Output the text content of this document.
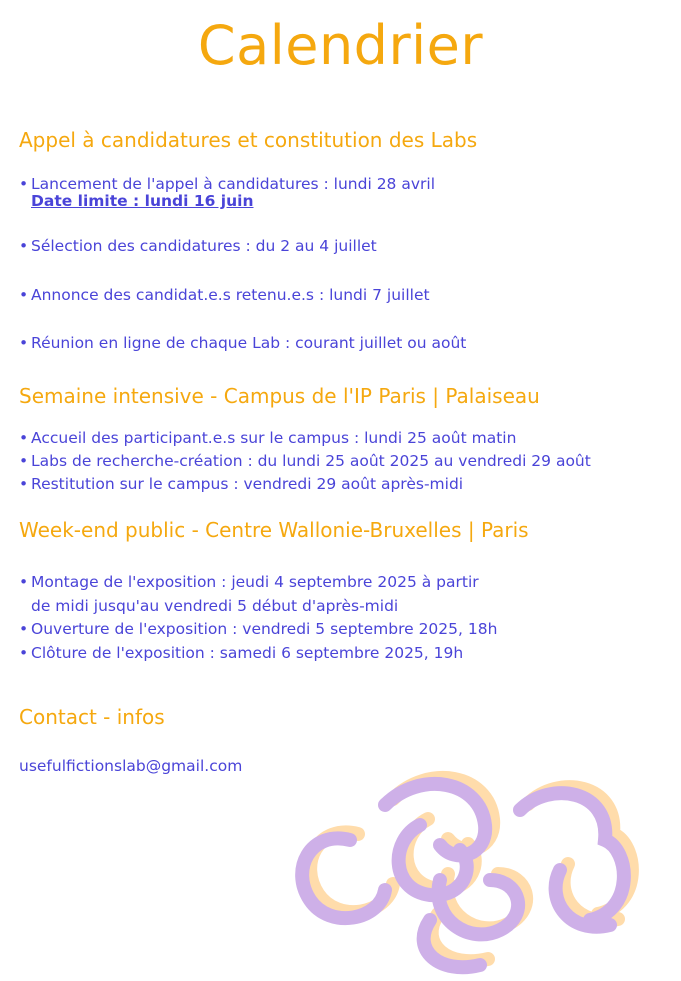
Calendrier
Appel à candidatures et constitution des Labs
• Lancement de l'appel à candidatures : lundi 28 avril
Date limite : lundi 16 juin
• Sélection des candidatures : du 2 au 4 juillet
• Annonce des candidat.e.s retenu.e.s : lundi 7 juillet
• Réunion en ligne de chaque Lab : courant juillet ou août
Semaine intensive - Campus de l'IP Paris | Palaiseau
• Accueil des participant.e.s sur le campus : lundi 25 août matin
• Labs de recherche-création : du lundi 25 août 2025 au vendredi 29 août
• Restitution sur le campus : vendredi 29 août après-midi
Week-end public - Centre Wallonie-Bruxelles | Paris
• Montage de l'exposition : jeudi 4 septembre 2025 à partir
de midi jusqu'au vendredi 5 début d'après-midi
• Ouverture de l'exposition : vendredi 5 septembre 2025, 18h
• Clôture de l'exposition : samedi 6 septembre 2025, 19h
Contact - infos
usefulfictionslab@gmail.com
